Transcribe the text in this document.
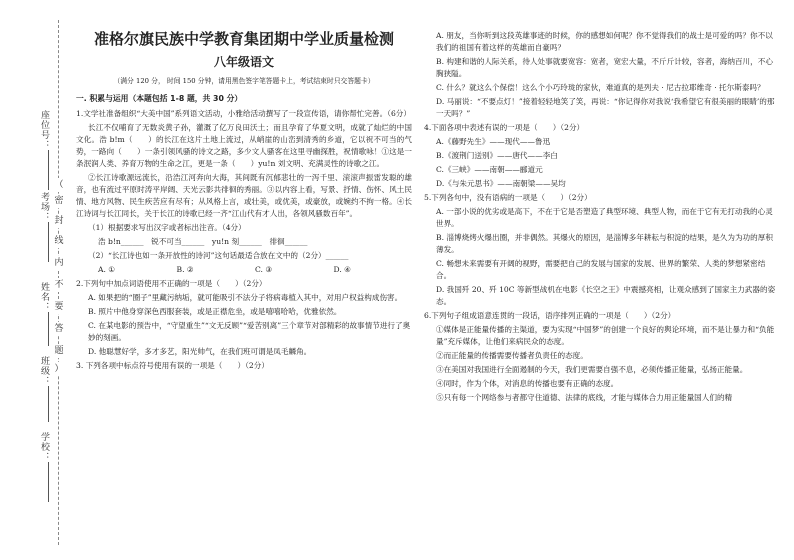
座位号：
考场：
姓名：
班级：
学校：
（
密
封
线
内
不
要
答
题
）
准格尔旗民族中学教育集团期中学业质量检测
八年级语文
（满分 120 分， 时间 150 分钟，请用黑色签字笔答题卡上，考试结束时只交答题卡）
一. 积累与运用（本题包括 1-8 题，共 30 分）
1.文学社准备组织“大美中国”系列语文活动，小雅给活动撰写了一段宣传语，请你帮忙完善。（6分）
长江不仅哺育了无数炎黄子孙，灌溉了亿万良田沃土；而且孕育了华夏文明，成就了灿烂的中国文化。浩 b!m（　　）的长江在这片土地上流过，从峭崖的山峦到清秀的乡道，它以祝不可当的气势，一路向（　　）一条引领风骚的诗文之路，多少文人骚客在这里寻幽探胜，祝情歌咏！①这是一条泯润人类、养育万物的生命之江，更是一条（　　）yu!n 刘文明、充满灵性的诗歌之江。
②长江诗歌源远流长，沿浩江河奔向大海，其间既有沉郁悲壮的一泻千里、滚滚声振雷发聪的雄音，也有流过平原时涛平岸阔、天光云影共徘徊的秀丽。③以内容上看，写景、抒情、伤怀、风土民情、地方风物、民生疾苦应有尽有；从风格上言，或壮美，或优美，或豪放，或婉约不拘一格。④长江诗词与长江同长，关于长江的诗歌已经一齐“江山代有才人出，各领风骚数百年”。
（1）根据要求写出汉字或者标出注音。（4分）
浩 b!n______　锐不可当______　yu!n 刻______　徘徊______
（2）“长江诗也如一条开放性的诗河”这句话最适合放在文中的（2分）______
A. ①	B. ②	C. ③	D. ④
2.下列句中加点词语使用不正确的一项是（　　）（2分）
A. 如果把的“圈子”里藏污纳垢，就可能吸引不法分子将病毒植入其中，对用户权益构成伤害。
B. 照片中他身穿深色西服套装，或是正襟危坐，或是嘻嘻哈哈，优雅依然。
C. 在某电影的预告中，“守望重生”“文无反顾”“爱苦别离”三个章节对部精彩的故事情节进行了奥妙的刻画。
D. 他聪慧好学，多才多艺，阳光帅气，在我们班可谓是凤毛麟角。
3. 下列各项中标点符号使用有误的一项是（　　）（2分）
A. 朋友，当你听到这段英雄事迹的时候，你的感想如何呢？你不觉得我们的战士是可爱的吗？你不以我们的祖国有着这样的英雄而自豪吗？
B. 构建和谐的人际关系，待人处事就要宽容：宽者，宽宏大量，不斤斤计较，容者，海纳百川，不心胸狭隘。
C. 什么？就这么个保偿！这么个小巧玲珑的家伙，难道真的是列夫 · 尼古拉耶维奇 · 托尔斯泰吗？
D. 马丽说：“不要点灯！”接着轻轻地笑了笑，再说：“你记得你对我说‘我希望它有很美丽的眼睛’的那一天吗？”
4.下面各项中表述有误的一项是（　　）（2分）
A.《藤野先生》——现代——鲁迅
B.《渡荆门送别》——唐代——李白
C.《三峡》——南朝——郦道元
D.《与朱元思书》——南朝梁——吴均
5.下列各句中，没有语病的一项是（　　）（2分）
A. 一部小说的优劣或是高下，不在于它是否塑造了典型环境、典型人物，而在于它有无打动我的心灵世界。
B. 淄博烧烤火爆出圈，并非偶然。其爆火的原因，是淄博多年耕耘与积淀的结果，是久为为功的厚积薄发。
C. 畅想未来需要有开阔的视野，需要把自己的发展与国家的发展、世界的繁荣、人类的梦想紧密结合。
D. 我国歼 20、歼 10C 等新型战机在电影《长空之王》中震撼亮相，让观众感到了国家主力武器的姿态。
6.下列句子组成语意连贯的一段话，语序排列正确的一项是（　　）（2分）
①媒体是正能量传播的主渠道，要为实现“中国梦”的创建一个良好的舆论环境，而不是让暴力和“负能量”充斥媒体，让他们来病民众的态度。
②而正能量的传播需要传播者负责任的态度。
③在美国对我国进行全面遏制的今天，我们更需要自强不息，必须传播正能量，弘扬正能量。
④同时，作为个体，对消息的传播也要有正确的态度。
⑤只有每一个网络参与者都守住道德、法律的底线，才能与媒体合力用正能量国人们的精
